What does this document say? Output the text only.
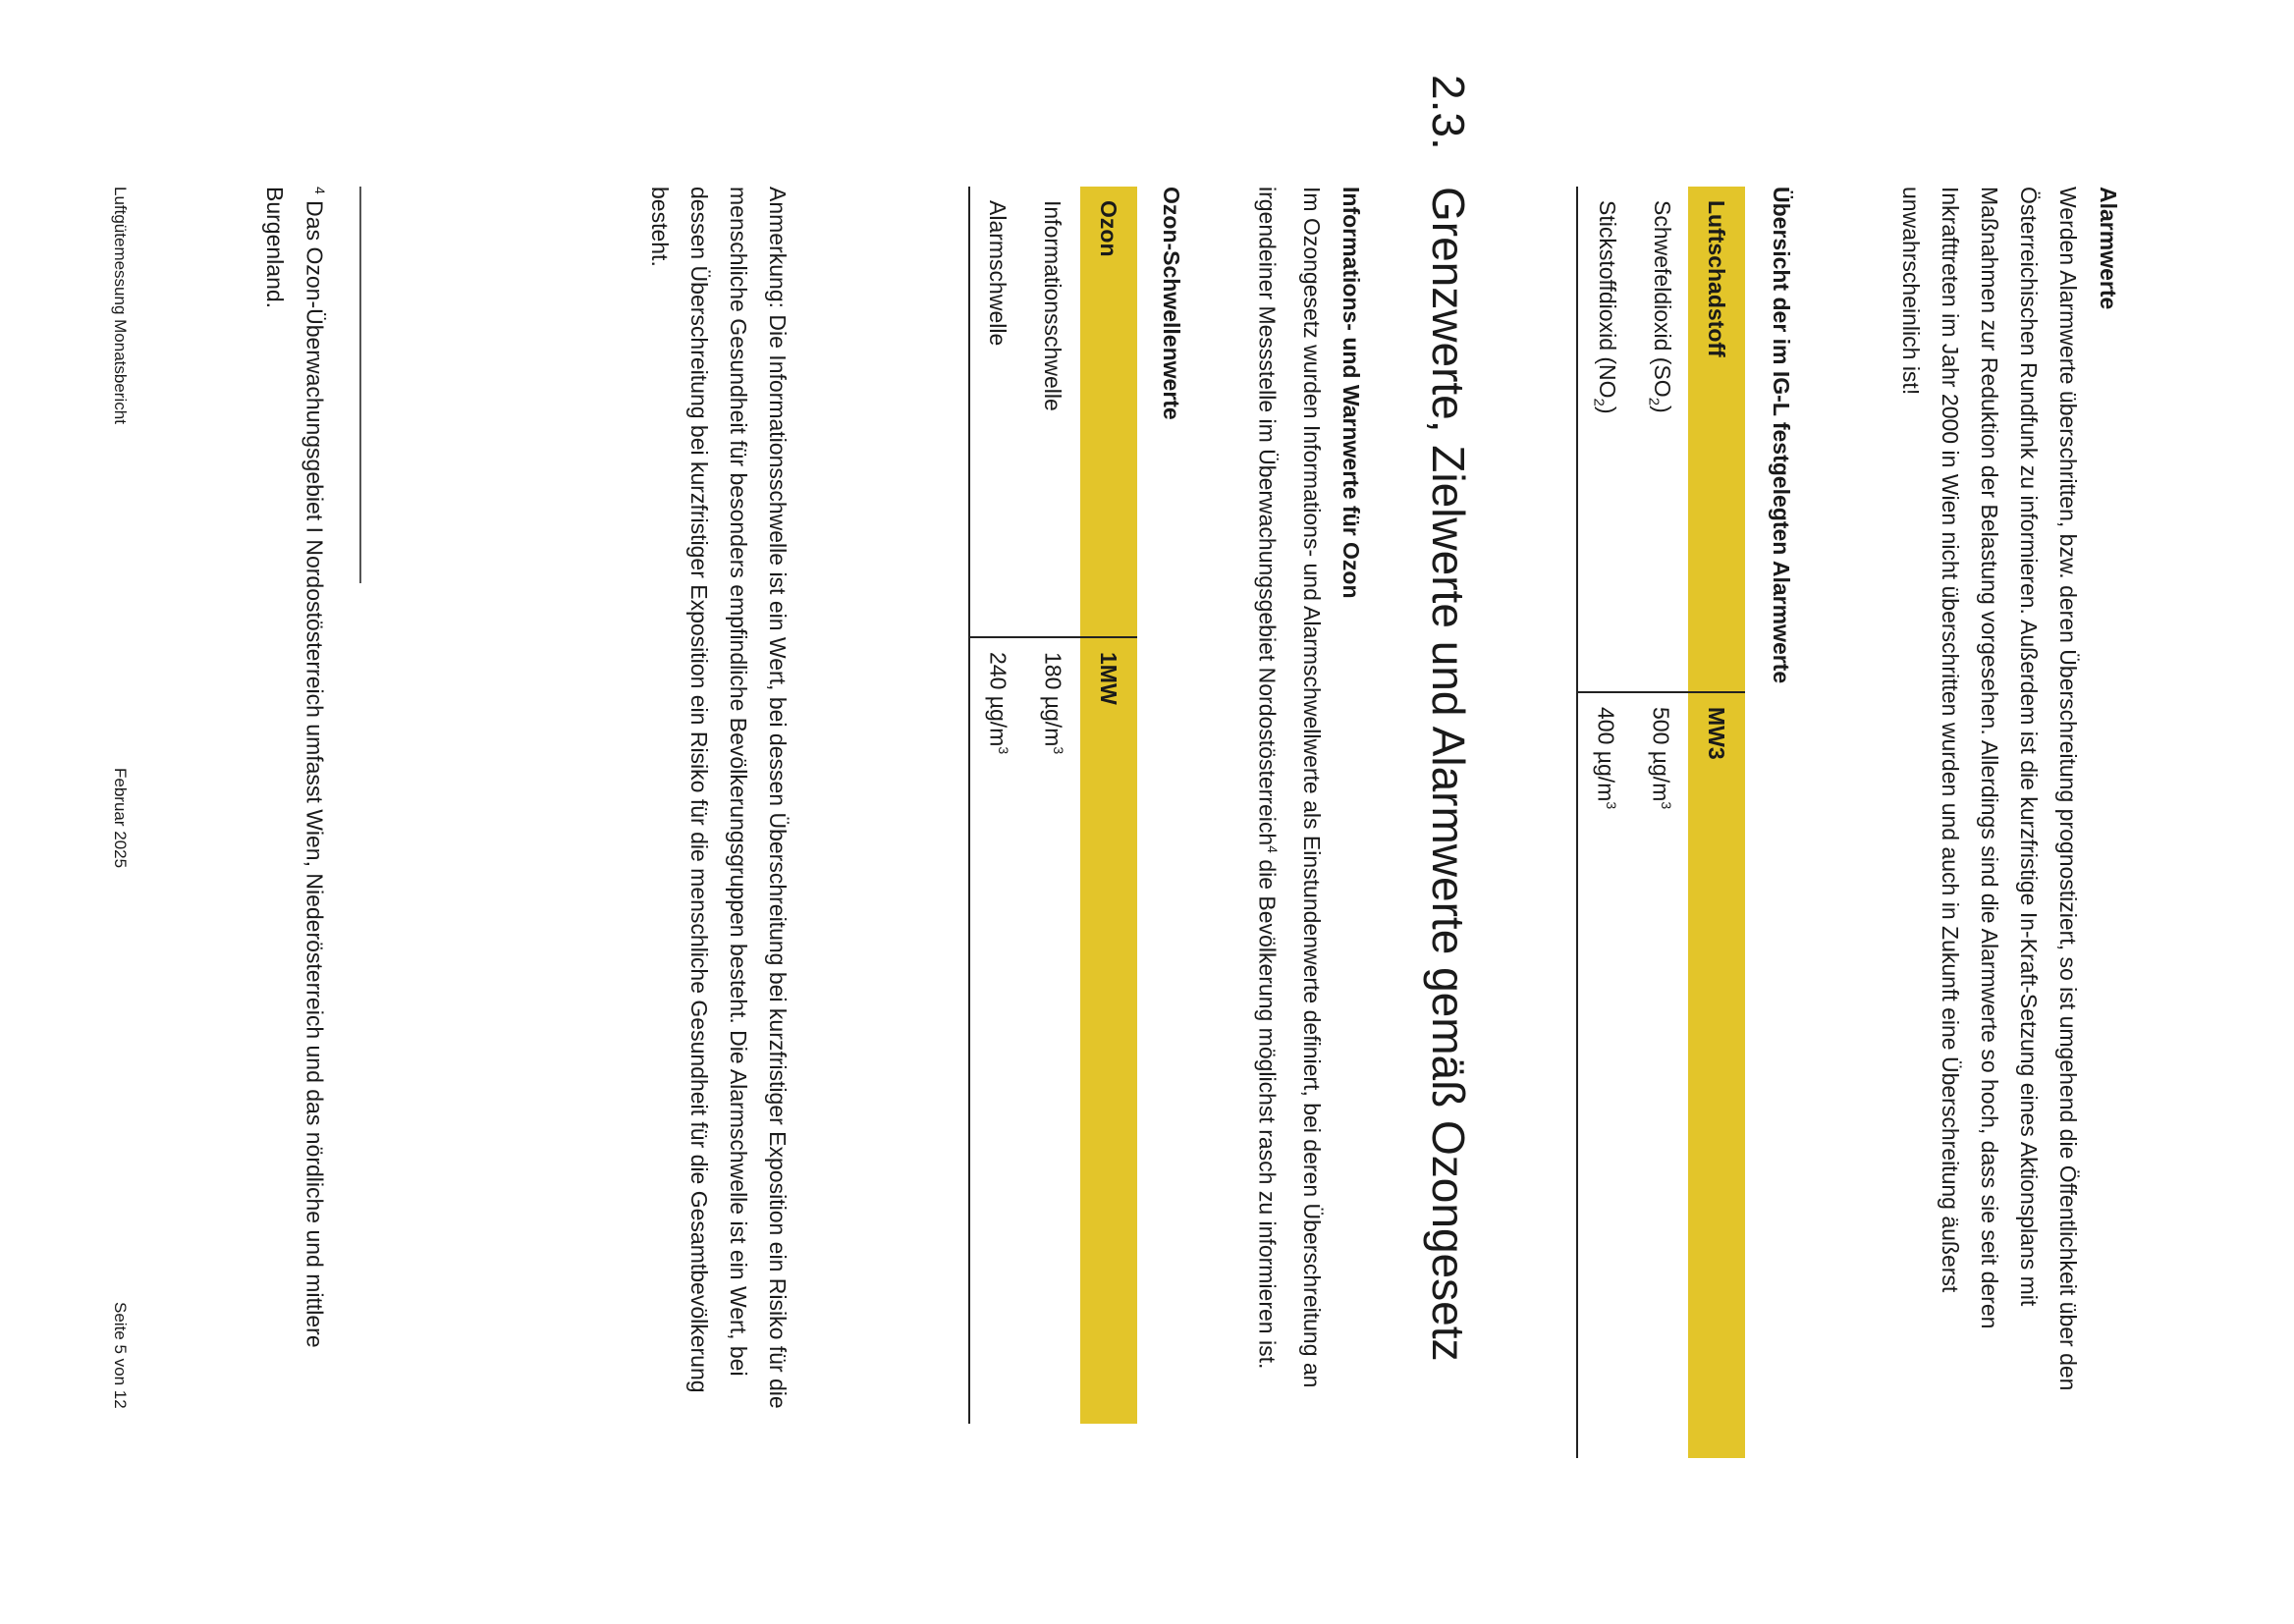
Alarmwerte
Werden Alarmwerte überschritten, bzw. deren Überschreitung prognostiziert, so ist umgehend die Öffentlichkeit über den Österreichischen Rundfunk zu informieren. Außerdem ist die kurzfristige In-Kraft-Setzung eines Aktionsplans mit Maßnahmen zur Reduktion der Belastung vorgesehen. Allerdings sind die Alarmwerte so hoch, dass sie seit deren Inkrafttreten im Jahr 2000 in Wien nicht überschritten wurden und auch in Zukunft eine Überschreitung äußerst unwahrscheinlich ist!
Übersicht der im IG-L festgelegten Alarmwerte
Luftschadstoff	MW3
Schwefeldioxid $(SO_2)$	500 $\mu g/m^3$
Stickstoffdioxid $(NO_2)$	400 $\mu g/m^3$
2.3.
Grenzwerte, Zielwerte und Alarmwerte gemäß Ozongesetz
Informations- und Warnwerte für Ozon
Im Ozongesetz wurden Informations- und Alarmschwellwerte als Einstundenwerte definiert, bei deren Überschreitung an irgendeiner Messstelle im Überwachungsgebiet Nordostösterreich$^4$ die Bevölkerung möglichst rasch zu informieren ist.
Ozon-Schwellenwerte
Ozon	1MW
Informationsschwelle	180 $\mu g/m^3$
Alarmschwelle	240 $\mu g/m^3$
Anmerkung: Die Informationsschwelle ist ein Wert, bei dessen Überschreitung bei kurzfristiger Exposition ein Risiko für die menschliche Gesundheit für besonders empfindliche Bevölkerungsgruppen besteht. Die Alarmschwelle ist ein Wert, bei dessen Überschreitung bei kurzfristiger Exposition ein Risiko für die menschliche Gesundheit für die Gesamtbevölkerung besteht.
$^4$ Das Ozon-Überwachungsgebiet I Nordostösterreich umfasst Wien, Niederösterreich und das nördliche und mittlere Burgenland.
Luftgütemessung Monatsbericht
Februar 2025
Seite 5 von 12
